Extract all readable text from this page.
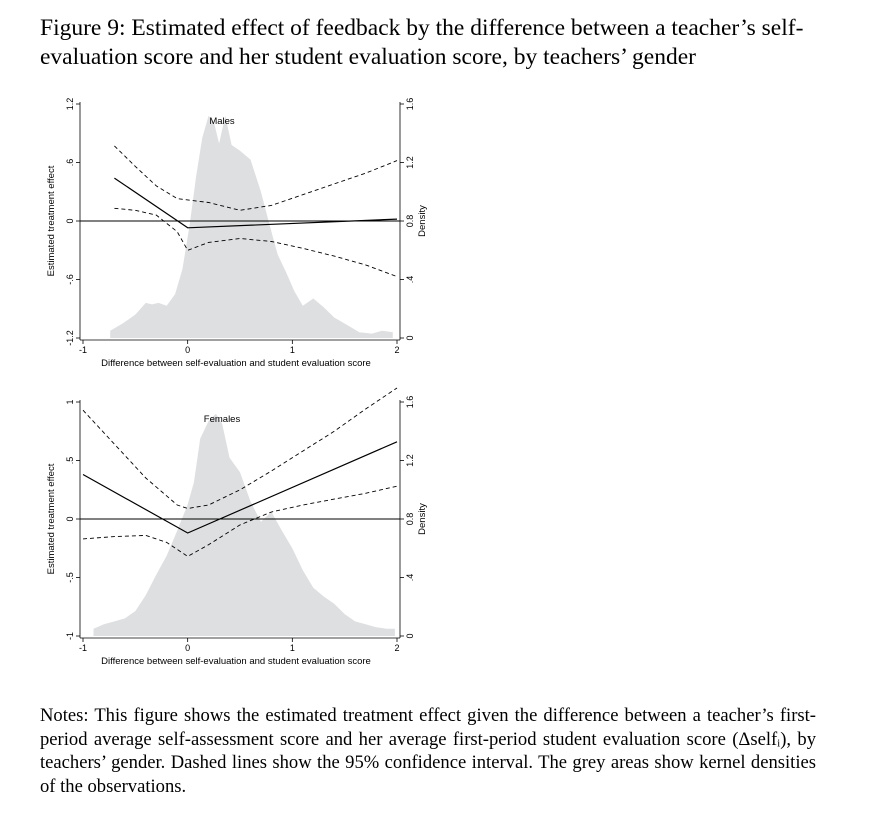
Figure 9: Estimated effect of feedback by the difference between a teacher’s self-evaluation score and her student evaluation score, by teachers’ gender
-1.2
-.6
0
.6
1.2
0
.4
0.8
1.2
1.6
-1	0	1	2
Males
Difference between self-evaluation and student evaluation score
Estimated treatment effect	Density
-1
-.5
0
.5
1
0
.4
0.8
1.2
1.6
-1	0	1	2
Females
Difference between self-evaluation and student evaluation score
Estimated treatment effect	Density

Notes: This figure shows the estimated treatment effect given the difference between a teacher’s first-period average self-assessment score and her average first-period student evaluation score (Δselfᵢ), by teachers’ gender. Dashed lines show the 95% confidence interval. The grey areas show kernel densities of the observations.
